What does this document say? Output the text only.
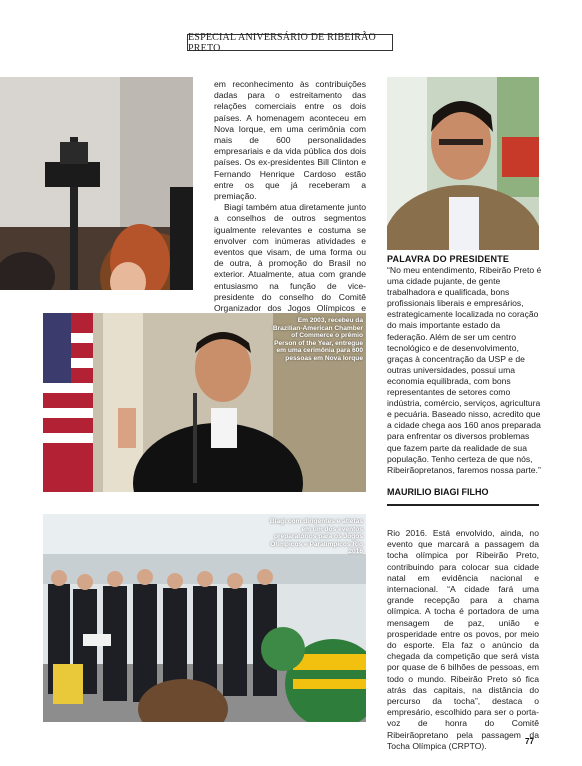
ESPECIAL ANIVERSÁRIO DE RIBEIRÃO PRETO

em reconhecimento às contribuições dadas para o estreitamento das relações comerciais entre os dois países. A homenagem aconteceu em Nova Iorque, em uma cerimônia com mais de 600 personalidades empresariais e da vida pública dos dois países. Os ex-presidentes Bill Clinton e Fernando Henrique Cardoso estão entre os que já receberam a premiação.

Biagi também atua diretamente junto a conselhos de outros segmentos igualmente relevantes e costuma se envolver com inúmeras atividades e eventos que visam, de uma forma ou de outra, à promoção do Brasil no exterior. Atualmente, atua com grande entusiasmo na função de vice-presidente do conselho do Comitê Organizador dos Jogos Olímpicos e

Em 2003, recebeu da Brazilian-American Chamber of Commerce o prêmio Person of the Year, entregue em uma cerimônia para 600 pessoas em Nova Iorque
Biagi com dirigentes e atletas em um dos eventos preparatórios para os Jogos Olímpicos e Paralímpicos Rio 2016
PALAVRA DO PRESIDENTE
“No meu entendimento, Ribeirão Preto é uma cidade pujante, de gente trabalhadora e qualificada, bons profissionais liberais e empresários, estrategicamente localizada no coração do mais importante estado da federação. Além de ser um centro tecnológico e de desenvolvimento, graças à concentração da USP e de outras universidades, possui uma economia equilibrada, com bons representantes de setores como indústria, comércio, serviços, agricultura e pecuária. Baseado nisso, acredito que a cidade chega aos 160 anos preparada para enfrentar os diversos problemas que fazem parte da realidade de sua população. Tenho certeza de que nós, Ribeirãopretanos, faremos nossa parte.”
MAURILIO BIAGI FILHO

Rio 2016. Está envolvido, ainda, no evento que marcará a passagem da tocha olímpica por Ribeirão Preto, contribuindo para colocar sua cidade natal em evidência nacional e internacional. “A cidade fará uma grande recepção para a chama olímpica. A tocha é portadora de uma mensagem de paz, união e prosperidade entre os povos, por meio do esporte. Ela faz o anúncio da chegada da competição que será vista por quase de 6 bilhões de pessoas, em todo o mundo. Ribeirão Preto só fica atrás das capitais, na distância do percurso da tocha”, destaca o empresário, escolhido para ser o porta-voz de honra do Comitê Ribeirãopretano pela passagem da Tocha Olímpica (CRPTO).	77
